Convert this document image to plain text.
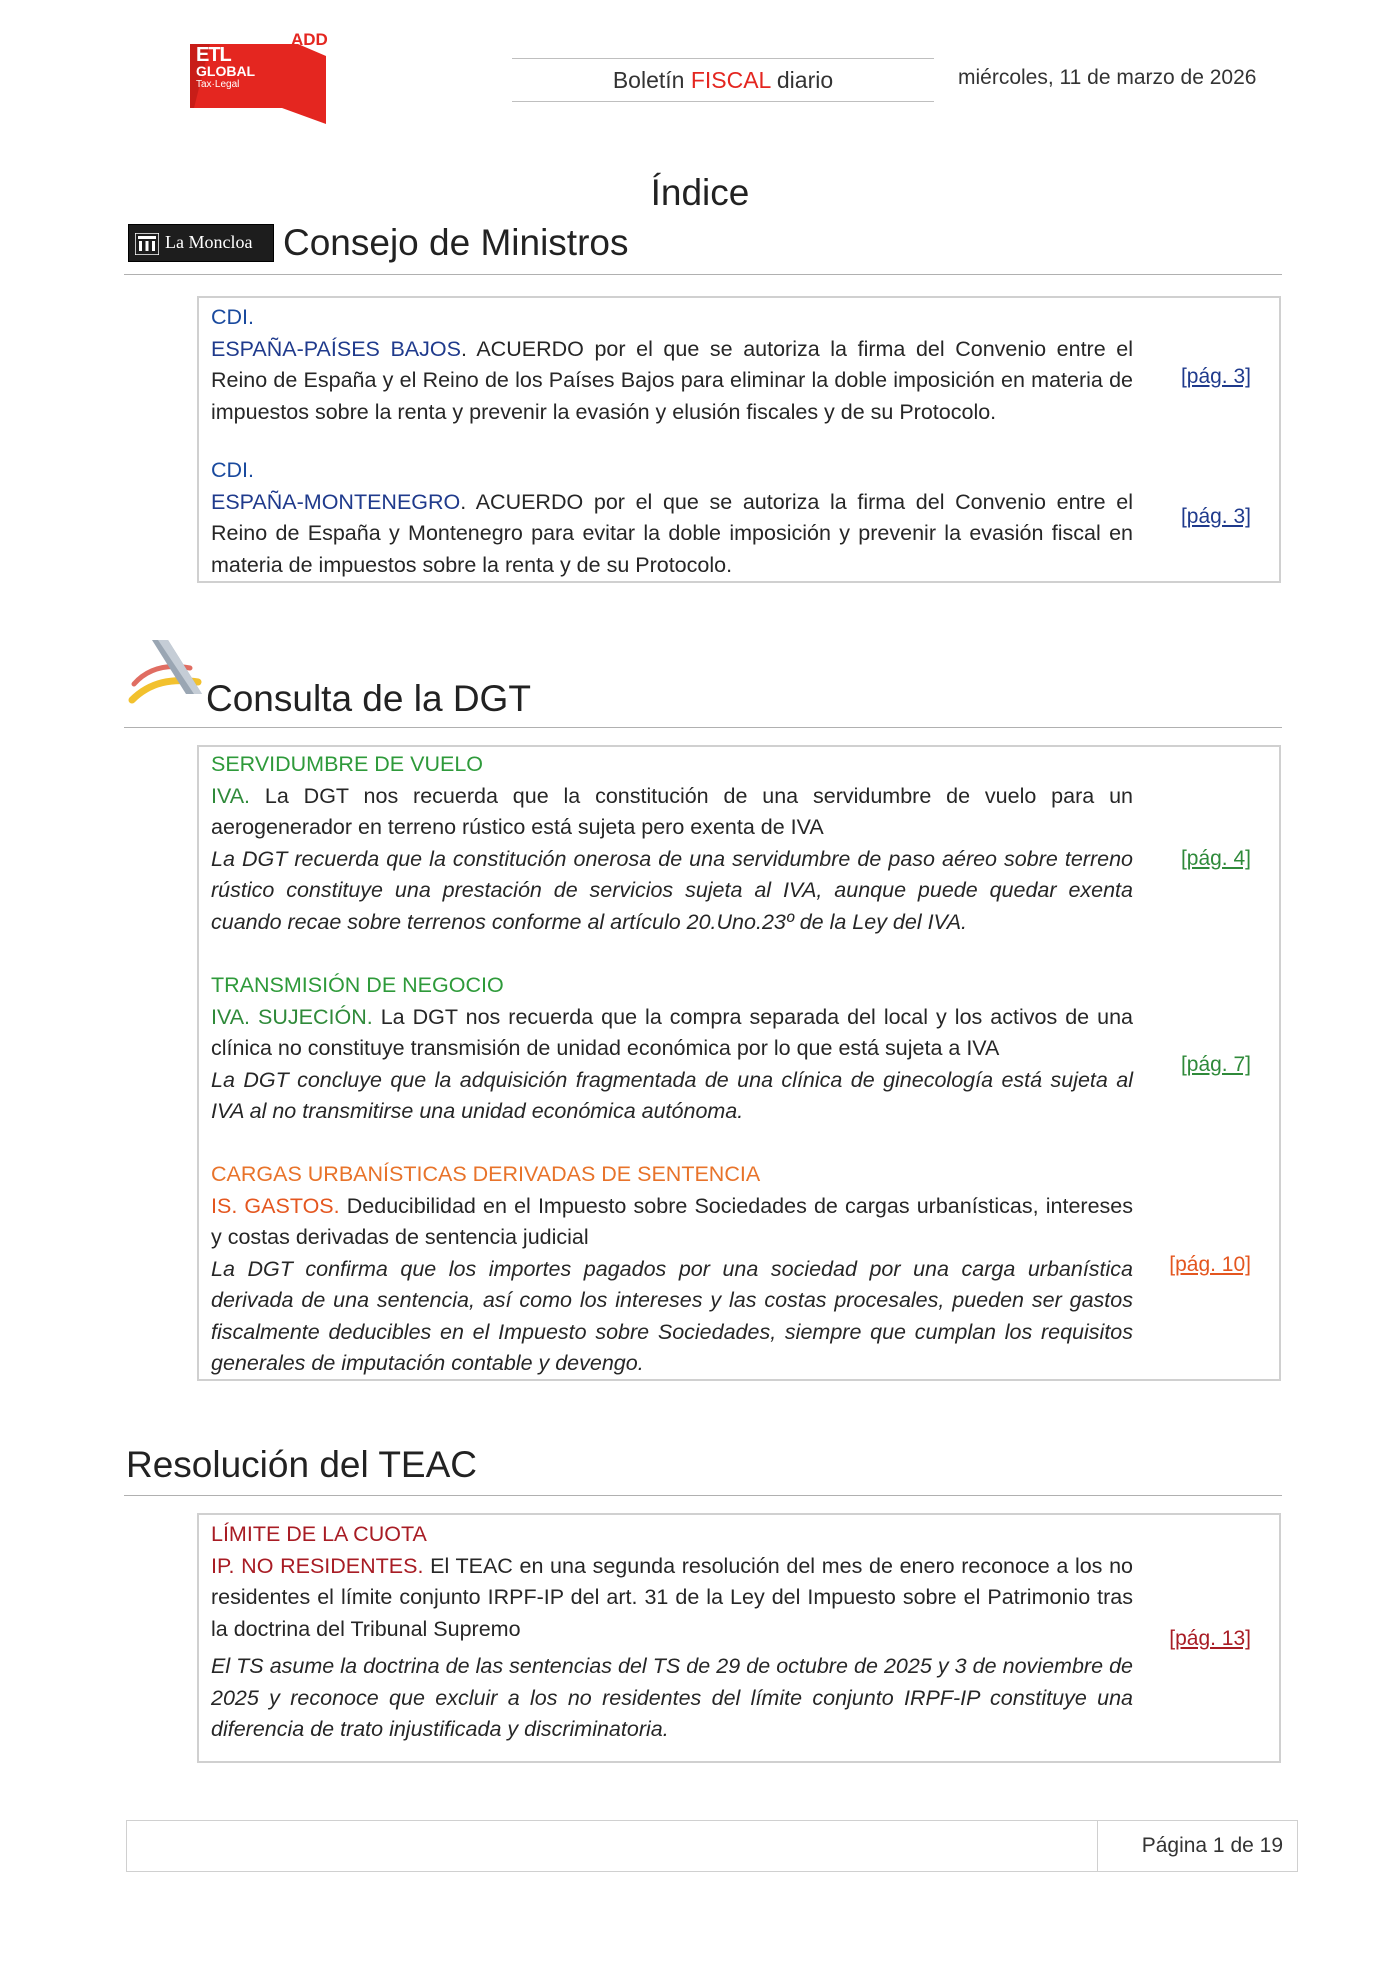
ADD
ETL
GLOBAL
Tax·Legal	Boletín FISCAL diario	miércoles, 11 de marzo de 2026
Índice
La Moncloa Consejo de Ministros
CDI.
ESPAÑA-PAÍSES BAJOS. ACUERDO por el que se autoriza la firma del Convenio entre el Reino de España y el Reino de los Países Bajos para eliminar la doble imposición en materia de impuestos sobre la renta y prevenir la evasión y elusión fiscales y de su Protocolo.
[pág. 3]
CDI.
ESPAÑA-MONTENEGRO. ACUERDO por el que se autoriza la firma del Convenio entre el Reino de España y Montenegro para evitar la doble imposición y prevenir la evasión fiscal en materia de impuestos sobre la renta y de su Protocolo.
[pág. 3]
Consulta de la DGT
SERVIDUMBRE DE VUELO
IVA. La DGT nos recuerda que la constitución de una servidumbre de vuelo para un aerogenerador en terreno rústico está sujeta pero exenta de IVA
La DGT recuerda que la constitución onerosa de una servidumbre de paso aéreo sobre terreno rústico constituye una prestación de servicios sujeta al IVA, aunque puede quedar exenta cuando recae sobre terrenos conforme al artículo 20.Uno.23º de la Ley del IVA.
[pág. 4]
TRANSMISIÓN DE NEGOCIO
IVA. SUJECIÓN. La DGT nos recuerda que la compra separada del local y los activos de una clínica no constituye transmisión de unidad económica por lo que está sujeta a IVA
La DGT concluye que la adquisición fragmentada de una clínica de ginecología está sujeta al IVA al no transmitirse una unidad económica autónoma.
[pág. 7]
CARGAS URBANÍSTICAS DERIVADAS DE SENTENCIA
IS. GASTOS. Deducibilidad en el Impuesto sobre Sociedades de cargas urbanísticas, intereses y costas derivadas de sentencia judicial
La DGT confirma que los importes pagados por una sociedad por una carga urbanística derivada de una sentencia, así como los intereses y las costas procesales, pueden ser gastos fiscalmente deducibles en el Impuesto sobre Sociedades, siempre que cumplan los requisitos generales de imputación contable y devengo.
[pág. 10]
Resolución del TEAC
LÍMITE DE LA CUOTA
IP. NO RESIDENTES. El TEAC en una segunda resolución del mes de enero reconoce a los no residentes el límite conjunto IRPF-IP del art. 31 de la Ley del Impuesto sobre el Patrimonio tras la doctrina del Tribunal Supremo
El TS asume la doctrina de las sentencias del TS de 29 de octubre de 2025 y 3 de noviembre de 2025 y reconoce que excluir a los no residentes del límite conjunto IRPF-IP constituye una diferencia de trato injustificada y discriminatoria.
[pág. 13]
Página 1 de 19
